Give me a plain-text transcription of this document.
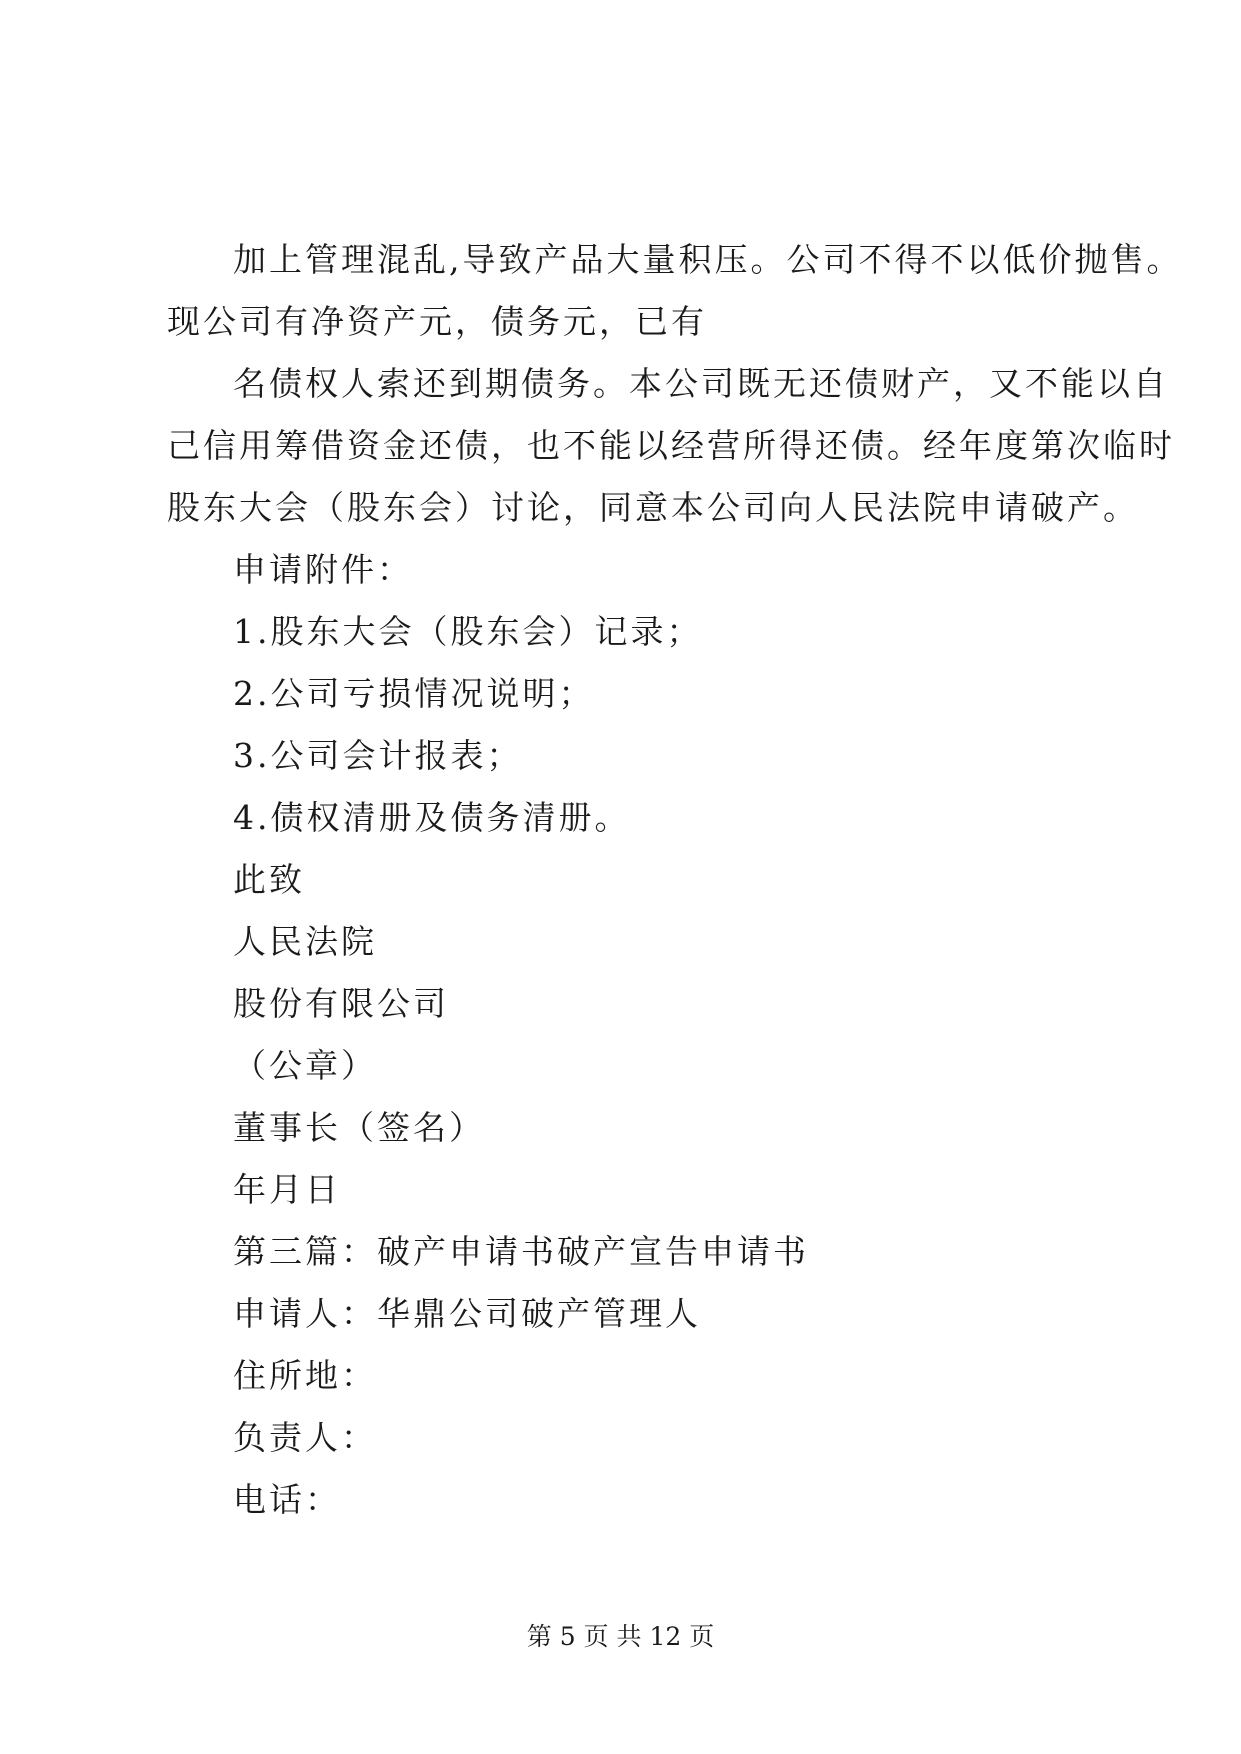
加上管理混乱,导致产品大量积压。公司不得不以低价抛售。
现公司有净资产元，债务元，已有
名债权人索还到期债务。本公司既无还债财产，又不能以自
己信用筹借资金还债，也不能以经营所得还债。经年度第次临时
股东大会（股东会）讨论，同意本公司向人民法院申请破产。
申请附件：
1.股东大会（股东会）记录；
2.公司亏损情况说明；
3.公司会计报表；
4.债权清册及债务清册。
此致
人民法院
股份有限公司
（公章）
董事长（签名）
年月日
第三篇：破产申请书破产宣告申请书
申请人：华鼎公司破产管理人
住所地：
负责人：
电话：
第 5 页 共 12 页
